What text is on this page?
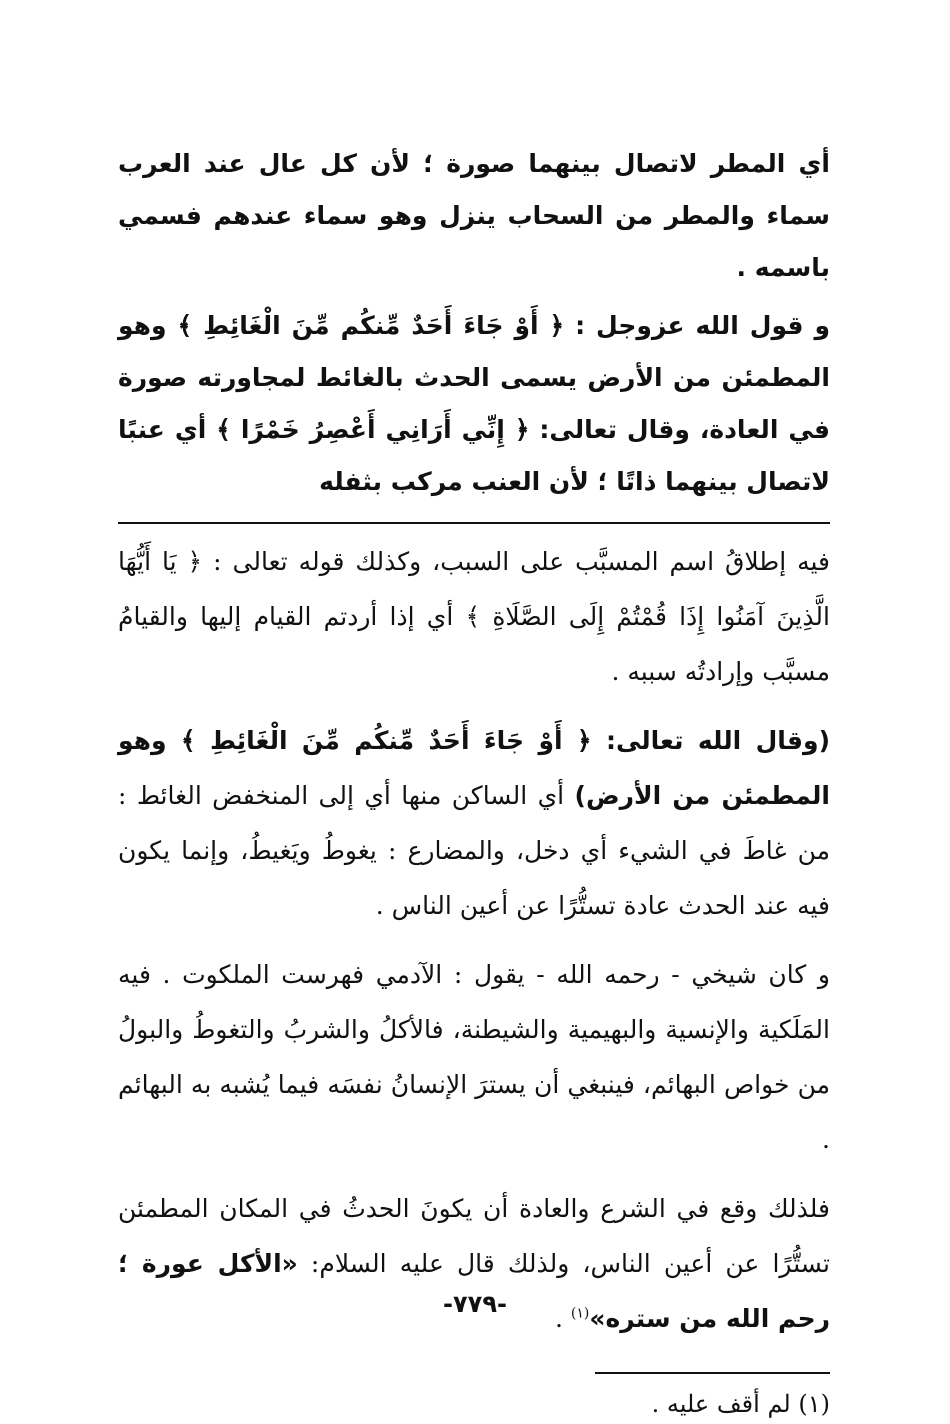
أي المطر لاتصال بينهما صورة ؛ لأن كل عال عند العرب سماء والمطر من السحاب ينزل وهو سماء عندهم فسمي باسمه .

و قول الله عزوجل : ﴿ أَوْ جَاءَ أَحَدٌ مِّنكُم مِّنَ الْغَائِطِ ﴾ وهو المطمئن من الأرض يسمى الحدث بالغائط لمجاورته صورة في العادة، وقال تعالى: ﴿ إِنِّي أَرَانِي أَعْصِرُ خَمْرًا ﴾ أي عنبًا لاتصال بينهما ذاتًا ؛ لأن العنب مركب بثفله

فيه إطلاقُ اسم المسبَّب على السبب، وكذلك قوله تعالى : ﴿ يَا أَيُّهَا الَّذِينَ آمَنُوا إِذَا قُمْتُمْ إِلَى الصَّلَاةِ ﴾ أي إذا أردتم القيام إليها والقيامُ مسبَّب وإرادتُه سببه .

(وقال الله تعالى: ﴿ أَوْ جَاءَ أَحَدٌ مِّنكُم مِّنَ الْغَائِطِ ﴾ وهو المطمئن من الأرض) أي الساكن منها أي إلى المنخفض الغائط : من غاطَ في الشيء أي دخل، والمضارع : يغوطُ ويَغيطُ، وإنما يكون فيه عند الحدث عادة تستُّرًا عن أعين الناس .

و كان شيخي - رحمه الله - يقول : الآدمي فهرست الملكوت . فيه المَلَكية والإنسية والبهيمية والشيطنة، فالأكلُ والشربُ والتغوطُ والبولُ من خواص البهائم، فينبغي أن يسترَ الإنسانُ نفسَه فيما يُشبه به البهائم .

فلذلك وقع في الشرع والعادة أن يكونَ الحدثُ في المكان المطمئن تستُّرًا عن أعين الناس، ولذلك قال عليه السلام: «الأكل عورة ؛رحم الله من ستره»$^{(١)}$ .

(١) لم أقف عليه .

-٧٧٩-
